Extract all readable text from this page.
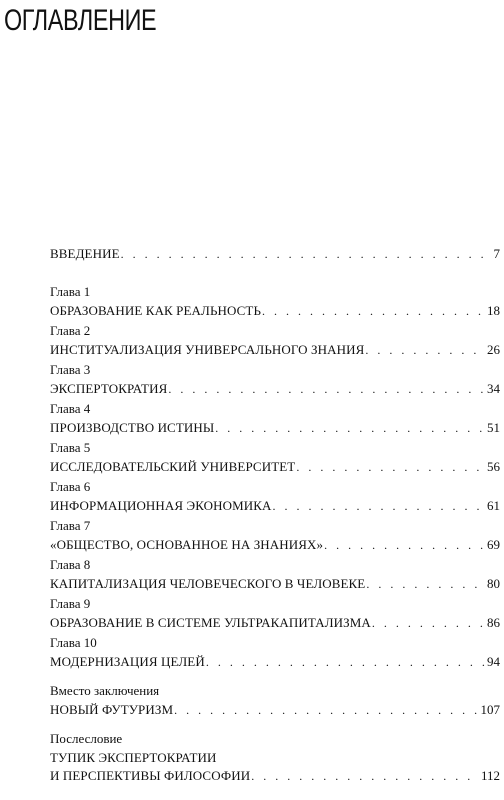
ОГЛАВЛЕНИЕ
ВВЕДЕНИЕ . . .	7
Глава 1
ОБРАЗОВАНИЕ КАК РЕАЛЬНОСТЬ . . .	18
Глава 2
ИНСТИТУАЛИЗАЦИЯ УНИВЕРСАЛЬНОГО ЗНАНИЯ . . .	26
Глава 3
ЭКСПЕРТОКРАТИЯ . . .	34
Глава 4
ПРОИЗВОДСТВО ИСТИНЫ . . .	51
Глава 5
ИССЛЕДОВАТЕЛЬСКИЙ УНИВЕРСИТЕТ . . .	56
Глава 6
ИНФОРМАЦИОННАЯ ЭКОНОМИКА . . .	61
Глава 7
«ОБЩЕСТВО, ОСНОВАННОЕ НА ЗНАНИЯХ» . . .	69
Глава 8
КАПИТАЛИЗАЦИЯ ЧЕЛОВЕЧЕСКОГО В ЧЕЛОВЕКЕ . . .	80
Глава 9
ОБРАЗОВАНИЕ В СИСТЕМЕ УЛЬТРАКАПИТАЛИЗМА . . .	86
Глава 10
МОДЕРНИЗАЦИЯ ЦЕЛЕЙ . . .	94
Вместо заключения
НОВЫЙ ФУТУРИЗМ . . .	107
Послесловие
ТУПИК ЭКСПЕРТОКРАТИИ
И ПЕРСПЕКТИВЫ ФИЛОСОФИИ . . .	112
